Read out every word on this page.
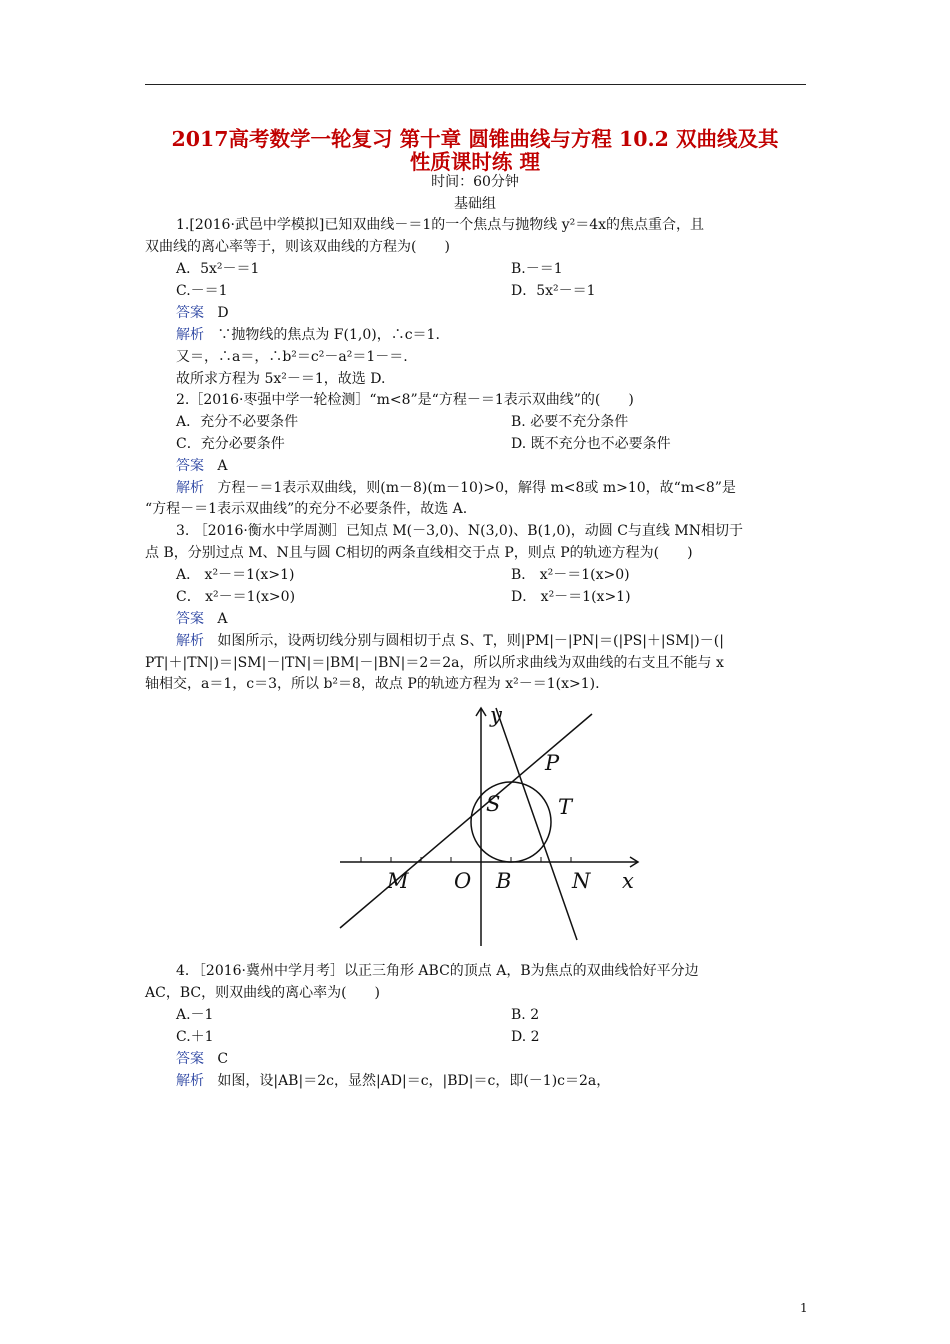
2017高考数学一轮复习 第十章 圆锥曲线与方程 10.2 双曲线及其
性质课时练 理
时间：60分钟
基础组
1.[2016·武邑中学模拟]已知双曲线－＝1的一个焦点与抛物线 y²＝4x的焦点重合，且
双曲线的离心率等于，则该双曲线的方程为(　　)
A．5x²－＝1	B.－＝1
C.－＝1	D．5x²－＝1
答案 D
解析 ∵抛物线的焦点为 F(1,0)，∴c＝1.
又＝，∴a＝，∴b²＝c²－a²＝1－＝.
故所求方程为 5x²－＝1，故选 D.
2.［2016·枣强中学一轮检测］“m<8”是“方程－＝1表示双曲线”的(　　)
A．充分不必要条件	B. 必要不充分条件
C．充分必要条件	D. 既不充分也不必要条件
答案 A
解析 方程－＝1表示双曲线，则(m－8)(m－10)>0，解得 m<8或 m>10，故“m<8”是
“方程－＝1表示双曲线”的充分不必要条件，故选 A.
3. ［2016·衡水中学周测］已知点 M(－3,0)、N(3,0)、B(1,0)，动圆 C与直线 MN相切于
点 B，分别过点 M、N且与圆 C相切的两条直线相交于点 P，则点 P的轨迹方程为(　　)
A． x²－＝1(x>1)	B． x²－＝1(x>0)
C． x²－＝1(x>0)	D． x²－＝1(x>1)
答案 A
解析 如图所示，设两切线分别与圆相切于点 S、T，则|PM|－|PN|＝(|PS|＋|SM|)－(|
PT|＋|TN|)＝|SM|－|TN|＝|BM|－|BN|＝2＝2a，所以所求曲线为双曲线的右支且不能与 x
轴相交，a＝1，c＝3，所以 b²＝8，故点 P的轨迹方程为 x²－＝1(x>1).
y
x
P
S	T
M O B	N
4．［2016·冀州中学月考］以正三角形 ABC的顶点 A，B为焦点的双曲线恰好平分边
AC，BC，则双曲线的离心率为(　　)
A.－1	B. 2
C.＋1	D. 2
答案 C
解析 如图，设|AB|＝2c，显然|AD|＝c，|BD|＝c，即(－1)c＝2a，
1
